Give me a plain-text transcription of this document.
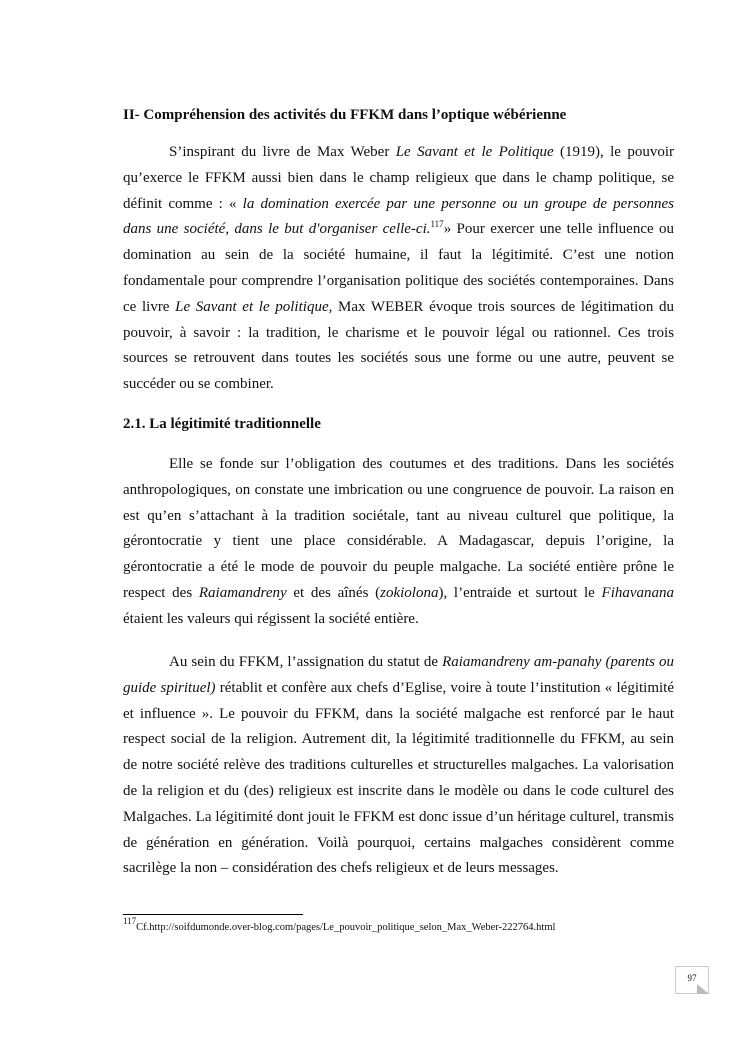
II- Compréhension des activités du FFKM dans l’optique wébérienne
S’inspirant du livre de Max Weber Le Savant et le Politique (1919), le pouvoir
qu’exerce le FFKM aussi bien dans le champ religieux que dans le champ politique, se
définit comme : « la domination exercée par une personne ou un groupe de personnes
dans une société, dans le but d'organiser celle-ci.$^{117}$» Pour exercer une telle influence ou
domination au sein de la société humaine, il faut la légitimité. C’est une notion
fondamentale pour comprendre l’organisation politique des sociétés contemporaines. Dans
ce livre Le Savant et le politique, Max WEBER évoque trois sources de légitimation du
pouvoir, à savoir : la tradition, le charisme et le pouvoir légal ou rationnel. Ces trois
sources se retrouvent dans toutes les sociétés sous une forme ou une autre, peuvent se
succéder ou se combiner.
2.1. La légitimité traditionnelle
Elle se fonde sur l’obligation des coutumes et des traditions. Dans les sociétés
anthropologiques, on constate une imbrication ou une congruence de pouvoir. La raison en
est qu’en s’attachant à la tradition sociétale, tant au niveau culturel que politique, la
gérontocratie y tient une place considérable. A Madagascar, depuis l’origine, la
gérontocratie a été le mode de pouvoir du peuple malgache. La société entière prône le
respect des Raiamandreny et des aînés (zokiolona), l’entraide et surtout le Fihavanana
étaient les valeurs qui régissent la société entière.
Au sein du FFKM, l’assignation du statut de Raiamandreny am-panahy (parents ou
guide spirituel) rétablit et confère aux chefs d’Eglise, voire à toute l’institution « légitimité
et influence ». Le pouvoir du FFKM, dans la société malgache est renforcé par le haut
respect social de la religion. Autrement dit, la légitimité traditionnelle du FFKM, au sein
de notre société relève des traditions culturelles et structurelles malgaches. La valorisation
de la religion et du (des) religieux est inscrite dans le modèle ou dans le code culturel des
Malgaches. La légitimité dont jouit le FFKM est donc issue d’un héritage culturel, transmis
de génération en génération. Voilà pourquoi, certains malgaches considèrent comme
sacrilège la non – considération des chefs religieux et de leurs messages.
$^{117}$Cf.http://soifdumonde.over-blog.com/pages/Le_pouvoir_politique_selon_Max_Weber-222764.html
97
